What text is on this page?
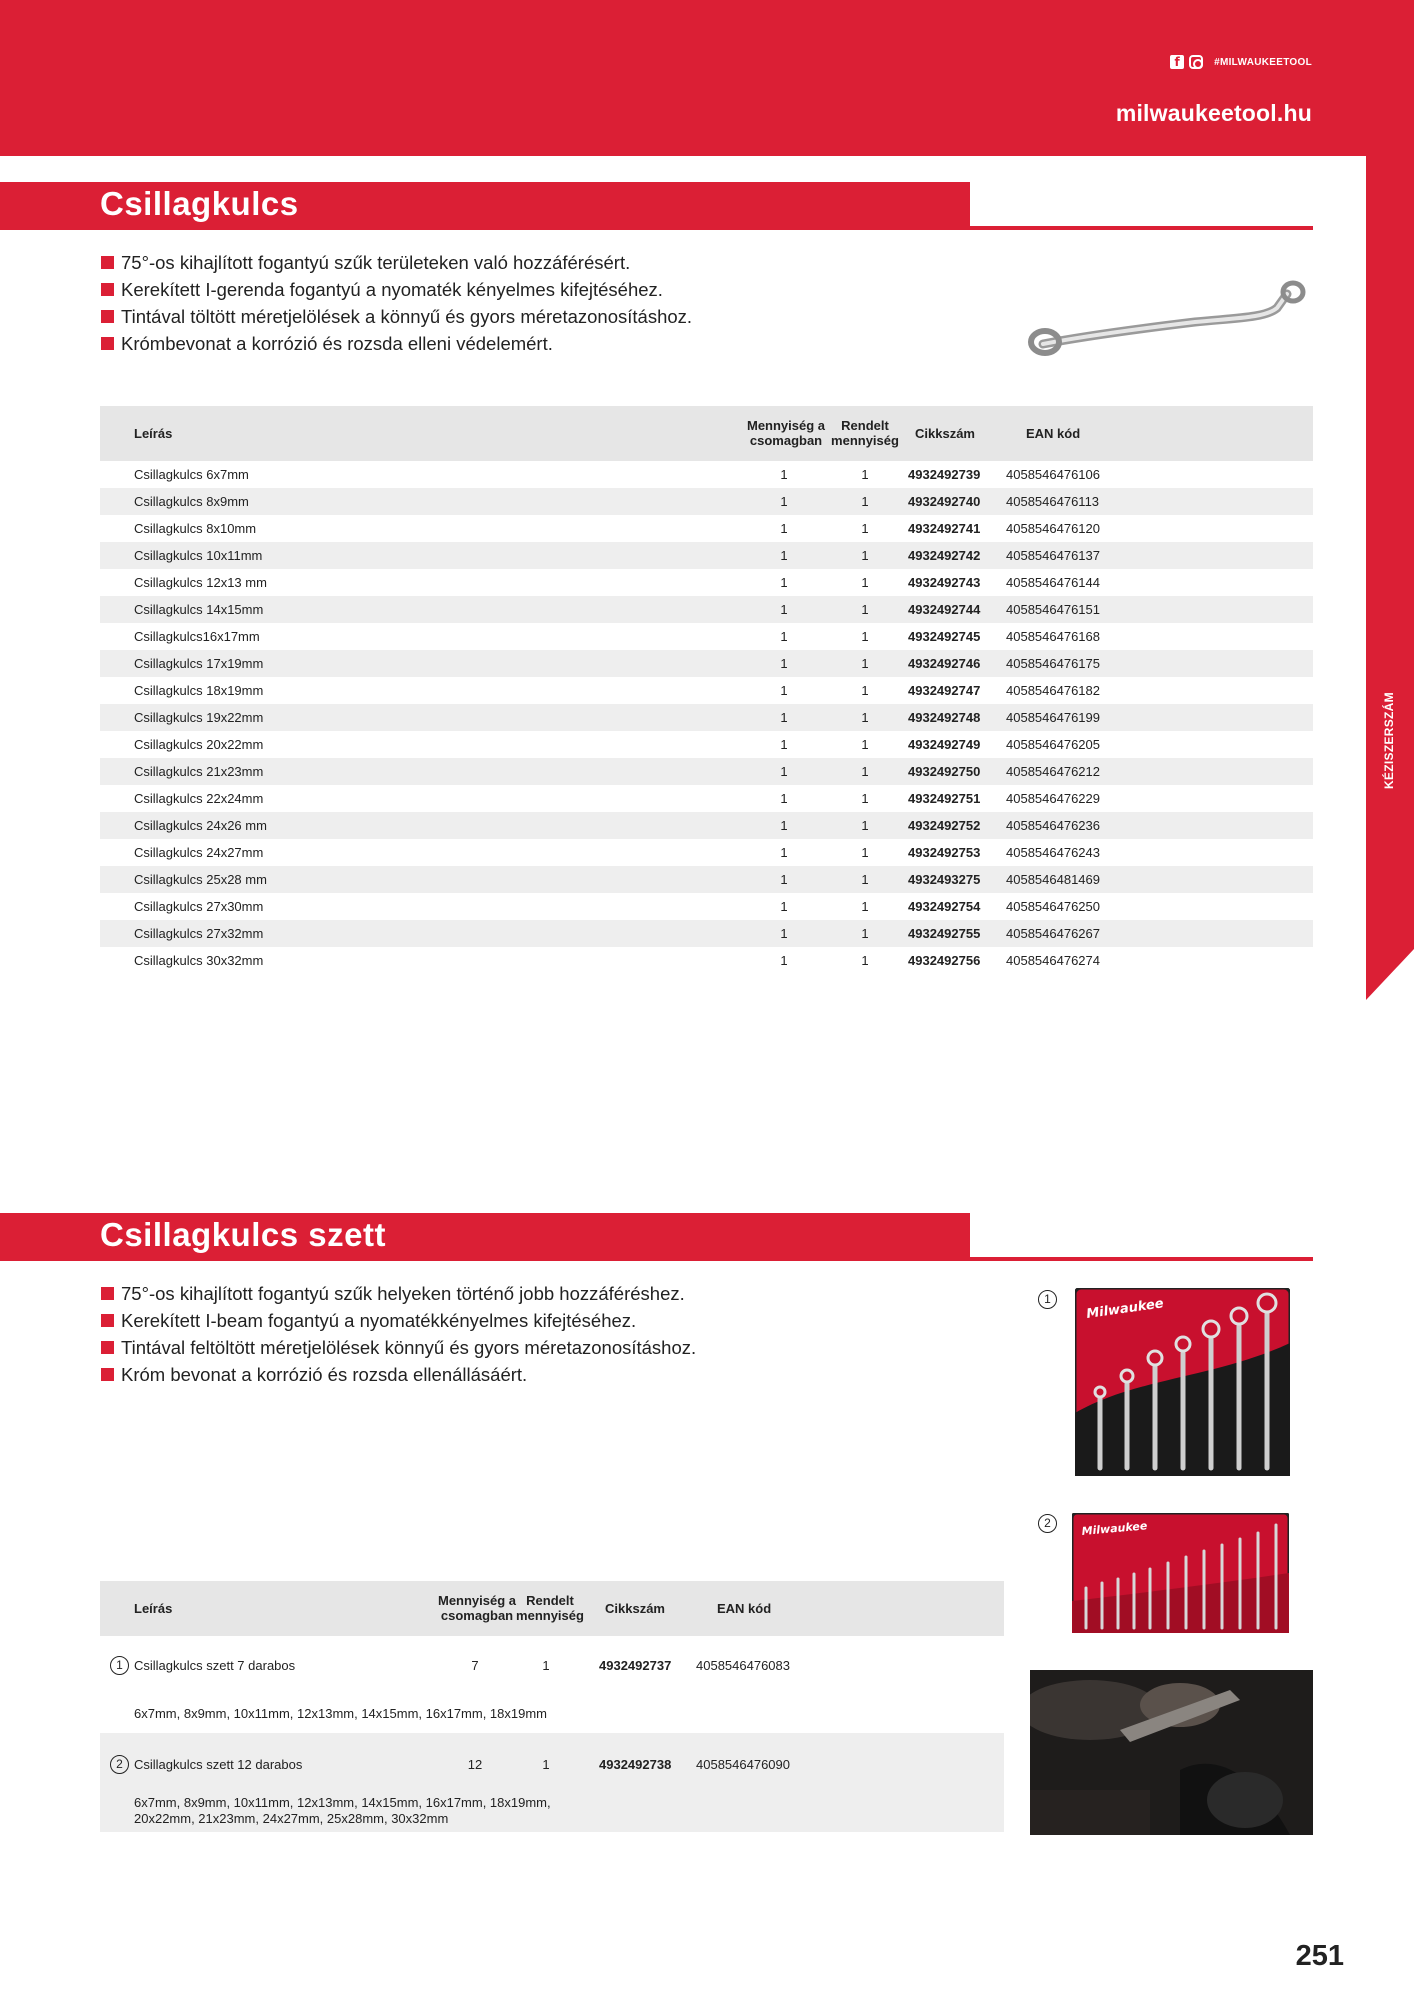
f	#MILWAUKEETOOL
milwaukeetool.hu
KÉZISZERSZÁM
Csillagkulcs
75°-os kihajlított fogantyú szűk területeken való hozzáférésért.
Kerekített I-gerenda fogantyú a nyomaték kényelmes kifejtéséhez.
Tintával töltött méretjelölések a könnyű és gyors méretazonosításhoz.
Krómbevonat a korrózió és rozsda elleni védelemért.
Leírás
Mennyiség a
csomagban
Rendelt
mennyiség	Cikkszám	EAN kód
Csillagkulcs 6x7mm	1	1	4932492739 4058546476106
Csillagkulcs 8x9mm	1	1	4932492740 4058546476113
Csillagkulcs 8x10mm	1	1	4932492741 4058546476120
Csillagkulcs 10x11mm	1	1	4932492742 4058546476137
Csillagkulcs 12x13 mm	1	1	4932492743 4058546476144
Csillagkulcs 14x15mm	1	1	4932492744 4058546476151
Csillagkulcs16x17mm	1	1	4932492745 4058546476168
Csillagkulcs 17x19mm	1	1	4932492746 4058546476175
Csillagkulcs 18x19mm	1	1	4932492747 4058546476182
Csillagkulcs 19x22mm	1	1	4932492748 4058546476199
Csillagkulcs 20x22mm	1	1	4932492749 4058546476205
Csillagkulcs 21x23mm	1	1	4932492750 4058546476212
Csillagkulcs 22x24mm	1	1	4932492751 4058546476229
Csillagkulcs 24x26 mm	1	1	4932492752 4058546476236
Csillagkulcs 24x27mm	1	1	4932492753 4058546476243
Csillagkulcs 25x28 mm	1	1	4932493275 4058546481469
Csillagkulcs 27x30mm	1	1	4932492754 4058546476250
Csillagkulcs 27x32mm	1	1	4932492755 4058546476267
Csillagkulcs 30x32mm	1	1	4932492756 4058546476274
Csillagkulcs szett
75°-os kihajlított fogantyú szűk helyeken történő jobb hozzáféréshez.
Kerekített I-beam fogantyú a nyomatékkényelmes kifejtéséhez.
Tintával feltöltött méretjelölések könnyű és gyors méretazonosításhoz.
Króm bevonat a korrózió és rozsda ellenállásáért.
1	Milwaukee
2	Milwaukee
Leírás
Mennyiség a
csomagban
Rendelt
mennyiség	Cikkszám	EAN kód
1 Csillagkulcs szett 7 darabos	7	1	4932492737 4058546476083
6x7mm, 8x9mm, 10x11mm, 12x13mm, 14x15mm, 16x17mm, 18x19mm
2 Csillagkulcs szett 12 darabos	12	1	4932492738 4058546476090
6x7mm, 8x9mm, 10x11mm, 12x13mm, 14x15mm, 16x17mm, 18x19mm,
20x22mm, 21x23mm, 24x27mm, 25x28mm, 30x32mm
251
